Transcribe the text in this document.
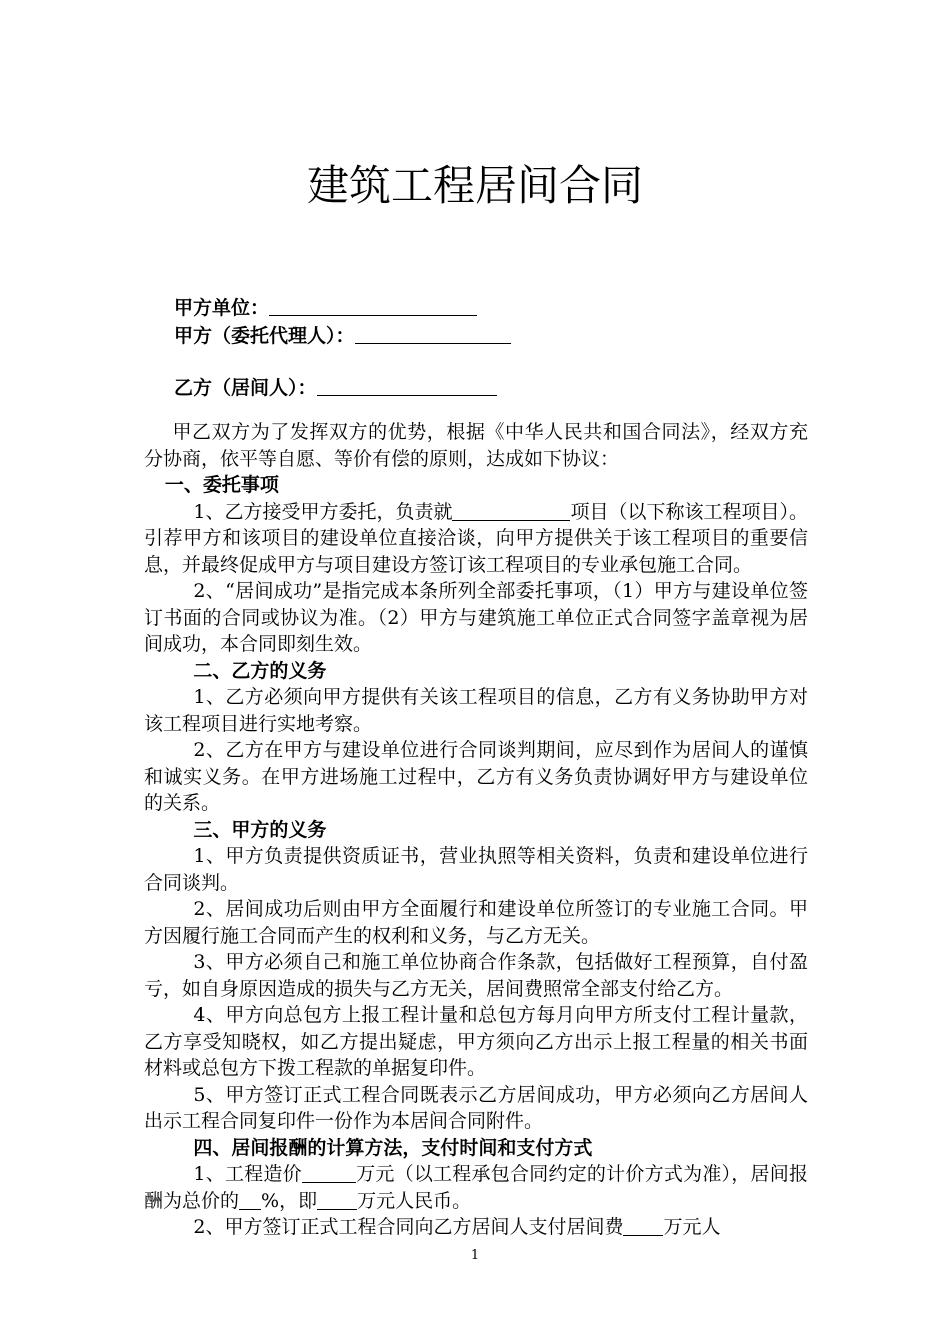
建筑工程居间合同
甲方单位：
甲方（委托代理人）：
乙方（居间人）：

甲乙双方为了发挥双方的优势，根据《中华人民共和国合同法》，经双方充分协商，依平等自愿、等价有偿的原则，达成如下协议：

一、委托事项

1、乙方接受甲方委托，负责就	项目（以下称该工程项目）。引荐甲方和该项目的建设单位直接洽谈，向甲方提供关于该工程项目的重要信息，并最终促成甲方与项目建设方签订该工程项目的专业承包施工合同。

2、“居间成功”是指完成本条所列全部委托事项，（1）甲方与建设单位签订书面的合同或协议为准。（2）甲方与建筑施工单位正式合同签字盖章视为居间成功，本合同即刻生效。

二、乙方的义务

1、乙方必须向甲方提供有关该工程项目的信息，乙方有义务协助甲方对该工程项目进行实地考察。

2、乙方在甲方与建设单位进行合同谈判期间，应尽到作为居间人的谨慎和诚实义务。在甲方进场施工过程中，乙方有义务负责协调好甲方与建设单位的关系。

三、甲方的义务

1、甲方负责提供资质证书，营业执照等相关资料，负责和建设单位进行合同谈判。

2、居间成功后则由甲方全面履行和建设单位所签订的专业施工合同。甲方因履行施工合同而产生的权利和义务，与乙方无关。

3、甲方必须自己和施工单位协商合作条款，包括做好工程预算，自付盈亏，如自身原因造成的损失与乙方无关，居间费照常全部支付给乙方。

4、甲方向总包方上报工程计量和总包方每月向甲方所支付工程计量款，乙方享受知晓权，如乙方提出疑虑，甲方须向乙方出示上报工程量的相关书面材料或总包方下拨工程款的单据复印件。

5、甲方签订正式工程合同既表示乙方居间成功，甲方必须向乙方居间人出示工程合同复印件一份作为本居间合同附件。

四、居间报酬的计算方法，支付时间和支付方式

1、工程造价	万元（以工程承包合同约定的计价方式为准），居间报酬为总价的 %，即 万元人民币。

2、甲方签订正式工程合同向乙方居间人支付居间费 万元人

1
